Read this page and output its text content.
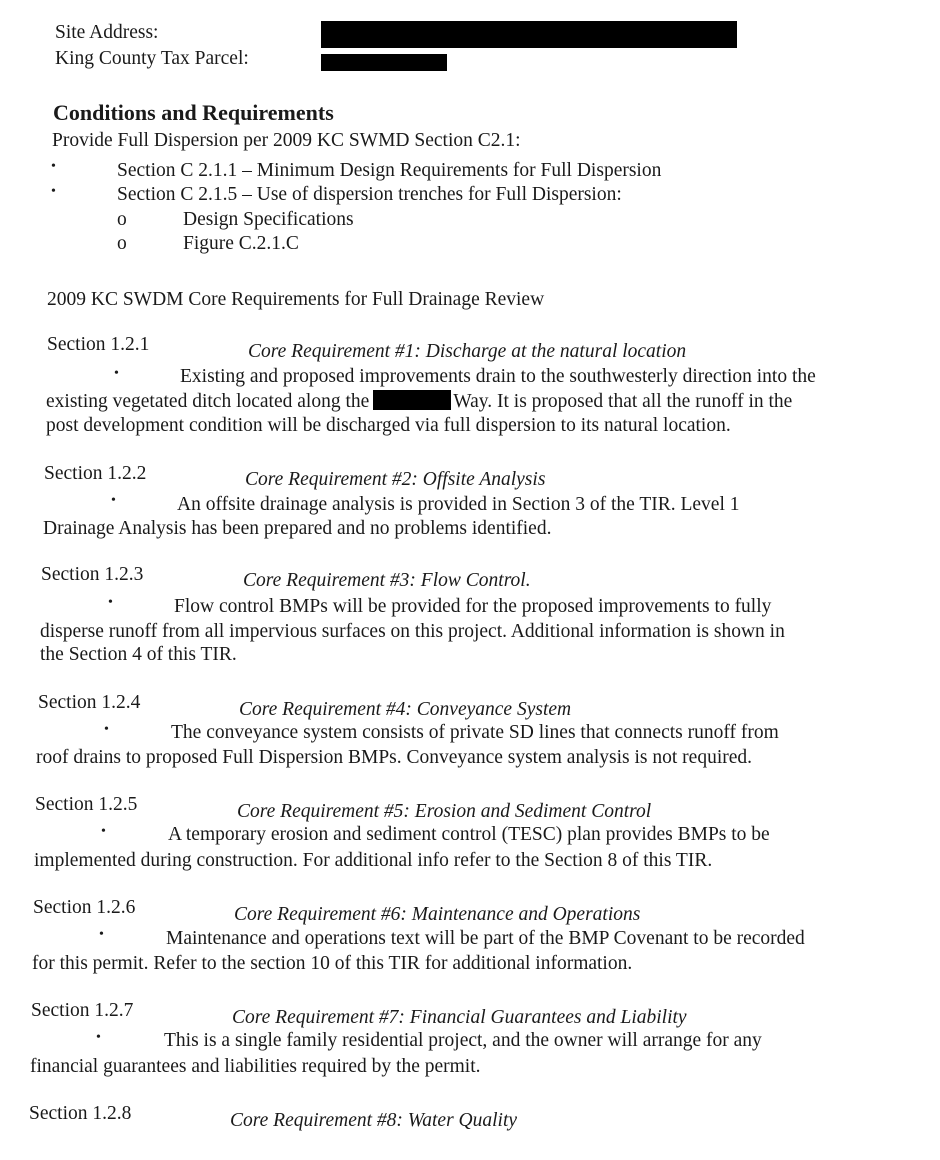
Site Address:
King County Tax Parcel:
Conditions and Requirements
Provide Full Dispersion per 2009 KC SWMD Section C2.1:
•	Section C 2.1.1 – Minimum Design Requirements for Full Dispersion
•	Section C 2.1.5 – Use of dispersion trenches for Full Dispersion:
o	Design Specifications
o	Figure C.2.1.C
2009 KC SWDM Core Requirements for Full Drainage Review
Section 1.2.1	Core Requirement #1: Discharge at the natural location
•	Existing and proposed improvements drain to the southwesterly direction into the
existing vegetated ditch located along the	Way. It is proposed that all the runoff in the
post development condition will be discharged via full dispersion to its natural location.
Section 1.2.2	Core Requirement #2: Offsite Analysis
•	An offsite drainage analysis is provided in Section 3 of the TIR. Level 1
Drainage Analysis has been prepared and no problems identified.
Section 1.2.3	Core Requirement #3: Flow Control.
•	Flow control BMPs will be provided for the proposed improvements to fully
disperse runoff from all impervious surfaces on this project. Additional information is shown in
the Section 4 of this TIR.
Section 1.2.4	Core Requirement #4: Conveyance System
•	The conveyance system consists of private SD lines that connects runoff from
roof drains to proposed Full Dispersion BMPs. Conveyance system analysis is not required.
Section 1.2.5	Core Requirement #5: Erosion and Sediment Control
•	A temporary erosion and sediment control (TESC) plan provides BMPs to be
implemented during construction. For additional info refer to the Section 8 of this TIR.
Section 1.2.6	Core Requirement #6: Maintenance and Operations
•	Maintenance and operations text will be part of the BMP Covenant to be recorded
for this permit. Refer to the section 10 of this TIR for additional information.
Section 1.2.7	Core Requirement #7: Financial Guarantees and Liability
•	This is a single family residential project, and the owner will arrange for any
financial guarantees and liabilities required by the permit.
Section 1.2.8	Core Requirement #8: Water Quality
